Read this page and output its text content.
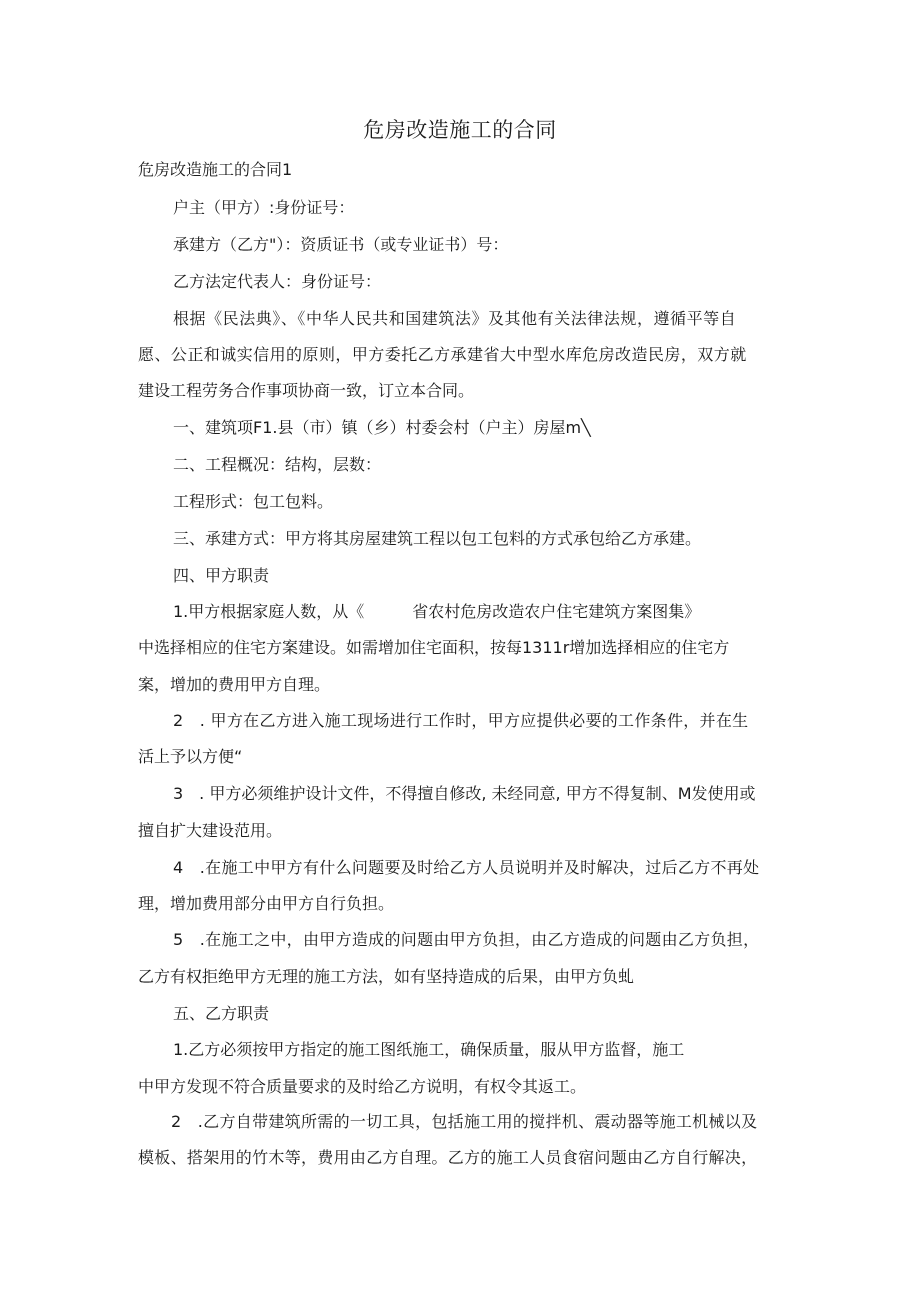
危房改造施工的合同
危房改造施工的合同1
户主（甲方）:身份证号：
承建方（乙方"）：资质证书（或专业证书）号：
乙方法定代表人：身份证号：
根据《民法典》、《中华人民共和国建筑法》及其他有关法律法规，遵循平等自
愿、公正和诚实信用的原则，甲方委托乙方承建省大中型水库危房改造民房，双方就
建设工程劳务合作事项协商一致，订立本合同。
一、建筑项F1.县（市）镇（乡）村委会村（户主）房屋m╲
二、工程概况：结构，层数：
工程形式：包工包料。
三、承建方式：甲方将其房屋建筑工程以包工包料的方式承包给乙方承建。
四、甲方职责
1.甲方根据家庭人数，从《　　　省农村危房改造农户住宅建筑方案图集》
中选择相应的住宅方案建设。如需增加住宅面积，按每1311r增加选择相应的住宅方
案，增加的费用甲方自理。
2　. 甲方在乙方进入施工现场进行工作时，甲方应提供必要的工作条件，并在生
活上予以方便“
3　. 甲方必须维护设计文件，不得擅自修改, 未经同意, 甲方不得复制、M发使用或
擅自扩大建设范用。
4　.在施工中甲方有什么问题要及时给乙方人员说明并及时解决，过后乙方不再处
理，增加费用部分由甲方自行负担。
5　.在施工之中，由甲方造成的问题由甲方负担，由乙方造成的问题由乙方负担，
乙方有权拒绝甲方无理的施工方法，如有坚持造成的后果，由甲方负虬
五、乙方职责
1.乙方必须按甲方指定的施工图纸施工，确保质量，服从甲方监督，施工
中甲方发现不符合质量要求的及时给乙方说明，有权令其返工。
2　.乙方自带建筑所需的一切工具，包括施工用的搅拌机、震动器等施工机械以及
模板、搭架用的竹木等，费用由乙方自理。乙方的施工人员食宿问题由乙方自行解决，
